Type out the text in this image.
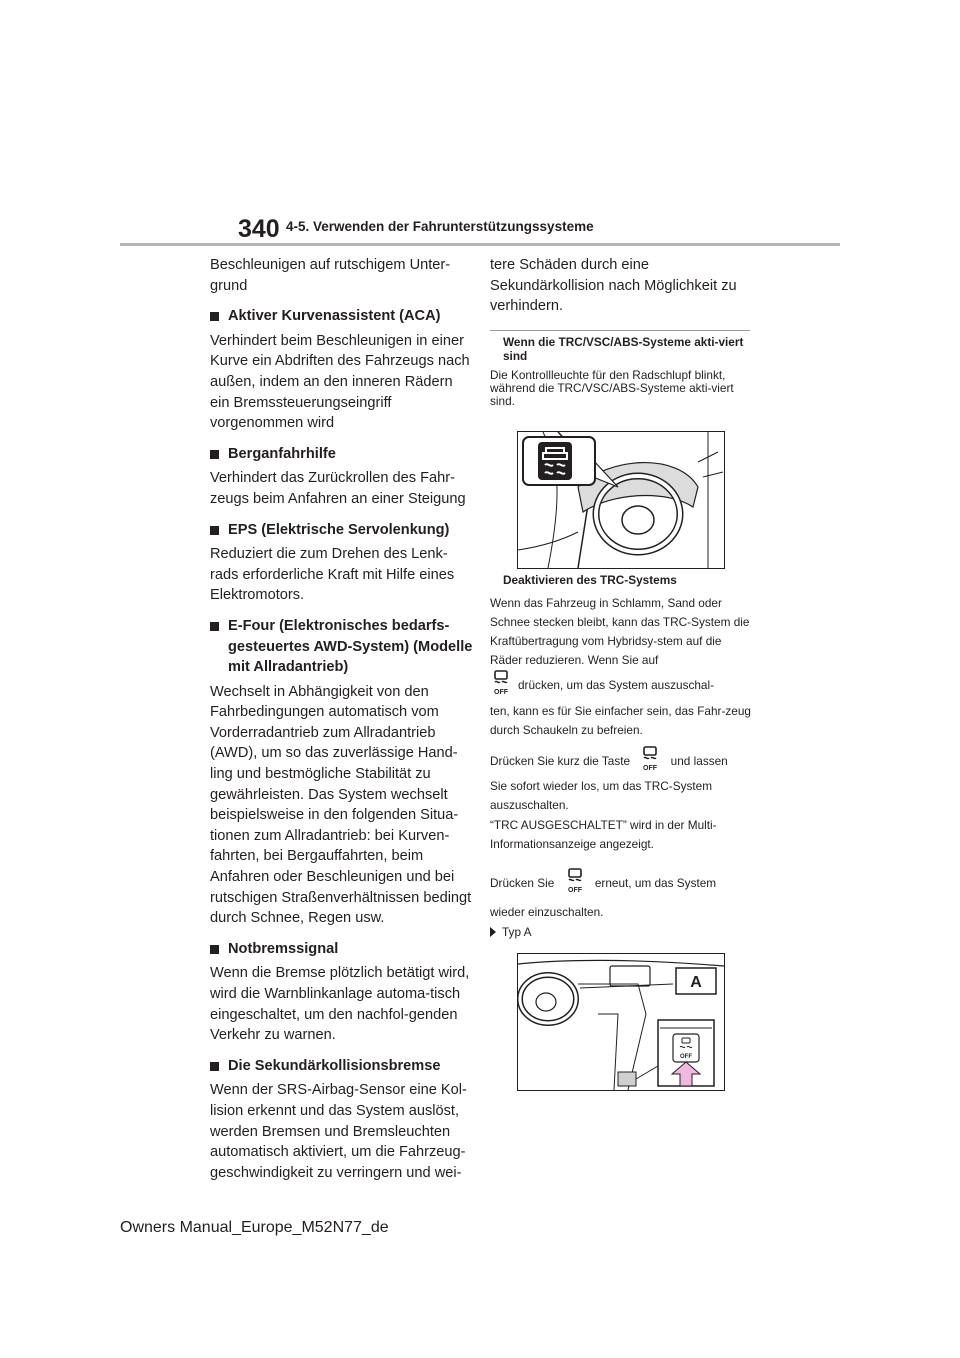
340 4-5. Verwenden der Fahrunterstützungssysteme

Beschleunigen auf rutschigem Unter-grund

Aktiver Kurvenassistent (ACA)

Verhindert beim Beschleunigen in einer Kurve ein Abdriften des Fahrzeugs nach außen, indem an den inneren Rädern ein Bremssteuerungseingriff vorgenommen wird

Berganfahrhilfe

Verhindert das Zurückrollen des Fahr-zeugs beim Anfahren an einer Steigung

EPS (Elektrische Servolenkung)

Reduziert die zum Drehen des Lenk-rads erforderliche Kraft mit Hilfe eines Elektromotors.

E-Four (Elektronisches bedarfs-gesteuertes AWD-System) (Modelle mit Allradantrieb)

Wechselt in Abhängigkeit von den Fahrbedingungen automatisch vom Vorderradantrieb zum Allradantrieb (AWD), um so das zuverlässige Hand-ling und bestmögliche Stabilität zu gewährleisten. Das System wechselt beispielsweise in den folgenden Situa-tionen zum Allradantrieb: bei Kurven-fahrten, bei Bergauffahrten, beim Anfahren oder Beschleunigen und bei rutschigen Straßenverhältnissen bedingt durch Schnee, Regen usw.

Notbremssignal

Wenn die Bremse plötzlich betätigt wird, wird die Warnblinkanlage automa-tisch eingeschaltet, um den nachfol-genden Verkehr zu warnen.

Die Sekundärkollisionsbremse

Wenn der SRS-Airbag-Sensor eine Kol-lision erkennt und das System auslöst, werden Bremsen und Bremsleuchten automatisch aktiviert, um die Fahrzeug-geschwindigkeit zu verringern und wei-

tere Schäden durch eine Sekundärkollision nach Möglichkeit zu verhindern.

Wenn die TRC/VSC/ABS-Systeme akti-viert sind

Die Kontrollleuchte für den Radschlupf blinkt, während die TRC/VSC/ABS-Systeme akti-viert sind.

Deaktivieren des TRC-Systems

Wenn das Fahrzeug in Schlamm, Sand oder Schnee stecken bleibt, kann das TRC-System die Kraftübertragung vom Hybridsy-stem auf die Räder reduzieren. Wenn Sie auf

OFF
drücken, um das System auszuschal-

ten, kann es für Sie einfacher sein, das Fahr-zeug durch Schaukeln zu befreien.

Drücken Sie kurz die Taste
OFF
und lassen

Sie sofort wieder los, um das TRC-System auszuschalten.

“TRC AUSGESCHALTET” wird in der Multi-Informationsanzeige angezeigt.

Drücken Sie
OFF
erneut, um das System

wieder einzuschalten.

Typ A
A
OFF
Owners Manual_Europe_M52N77_de
